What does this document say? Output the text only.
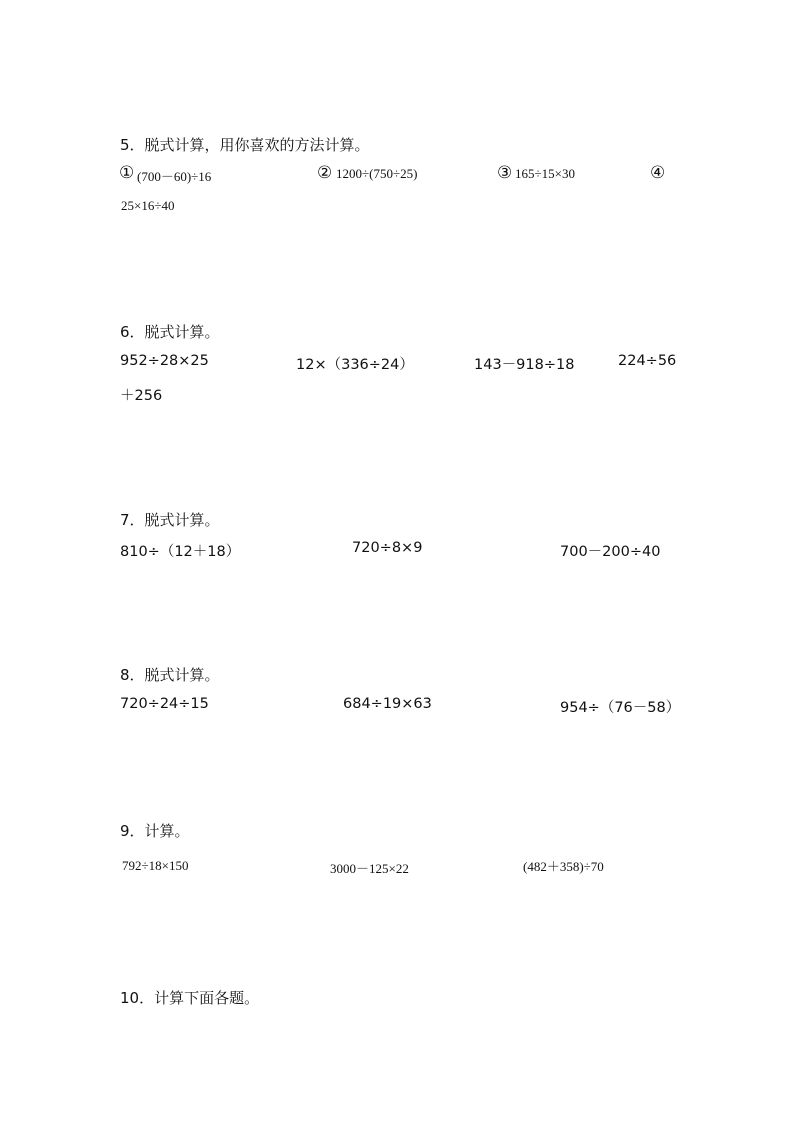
5．脱式计算，用你喜欢的方法计算。
① (700－60)÷16	② 1200÷(750÷25)	③ 165÷15×30	④
25×16÷40
6．脱式计算。
952÷28×25	12×（336÷24）	143－918÷18	224÷56
＋256
7．脱式计算。
810÷（12＋18）	720÷8×9	700－200÷40
8．脱式计算。
720÷24÷15	684÷19×63	954÷（76－58）
9．计算。
792÷18×150	3000－125×22	(482＋358)÷70
10．计算下面各题。
